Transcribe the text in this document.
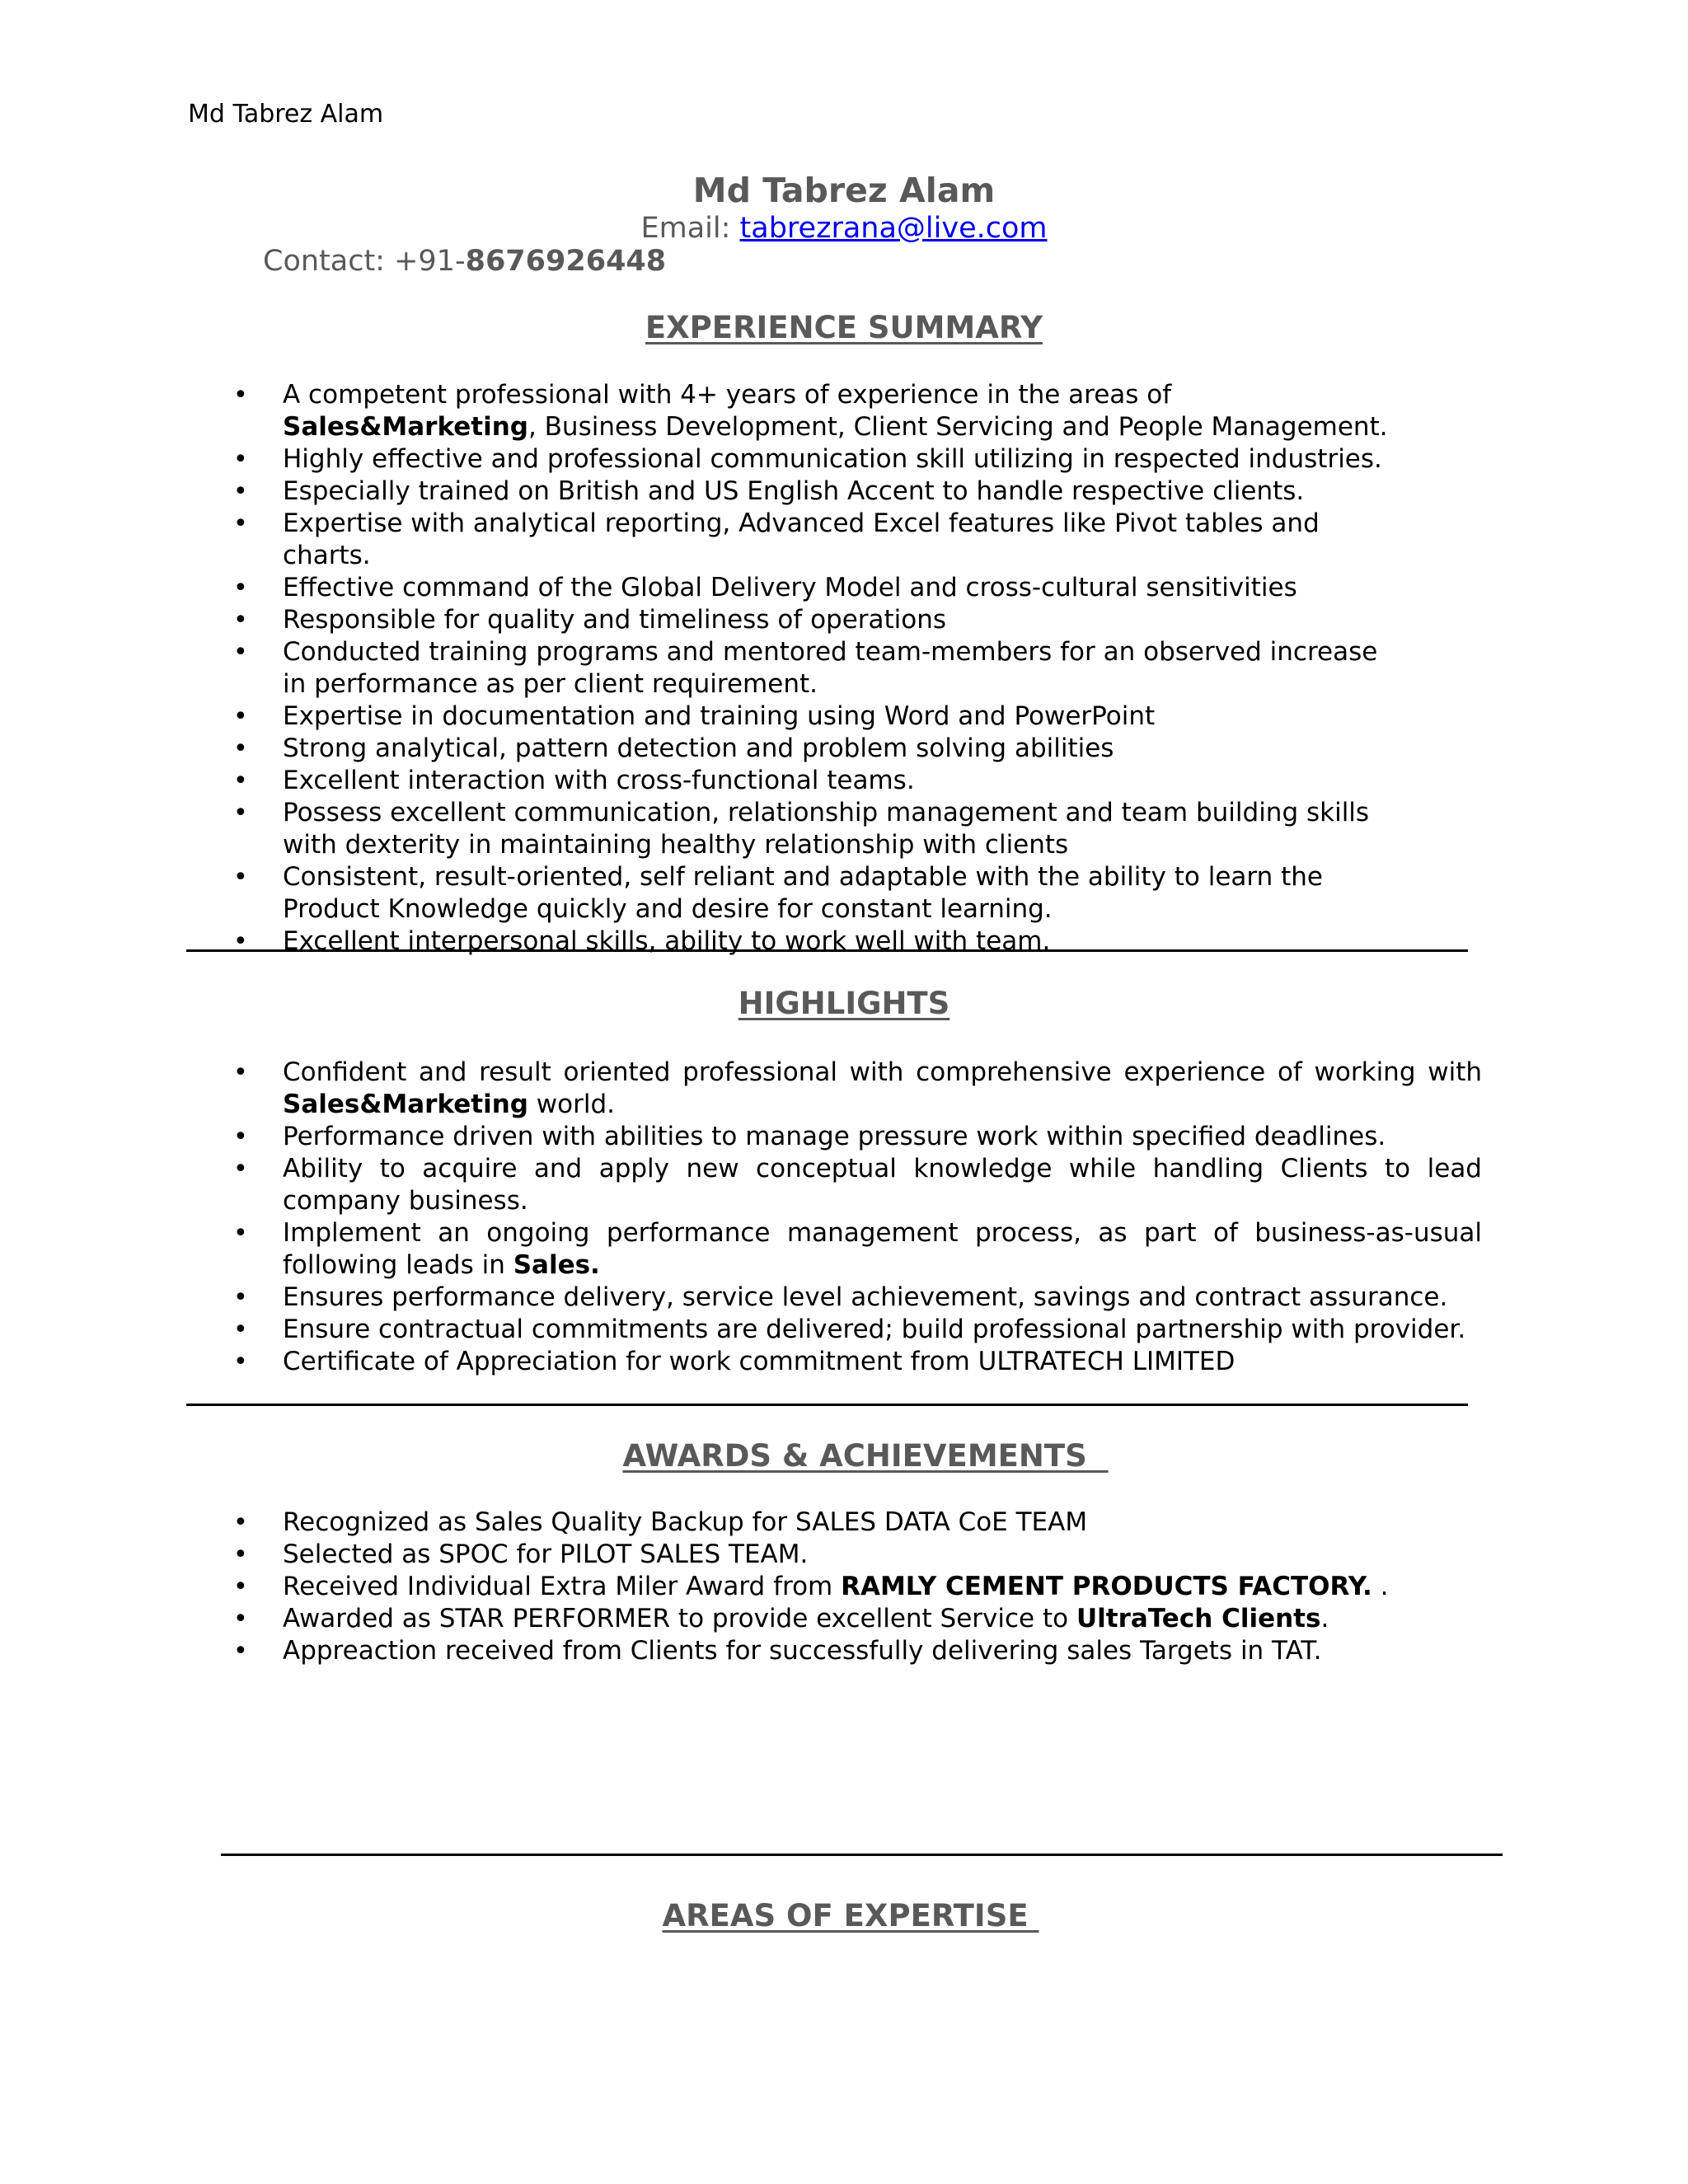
Md Tabrez Alam
Md Tabrez Alam
Email: tabrezrana@live.com
Contact: +91-8676926448
EXPERIENCE SUMMARY
• A competent professional with 4+ years of experience in the areas of Sales&Marketing, Business Development, Client Servicing and People Management.
• Highly effective and professional communication skill utilizing in respected industries.
• Especially trained on British and US English Accent to handle respective clients.
• Expertise with analytical reporting, Advanced Excel features like Pivot tables and charts.
• Effective command of the Global Delivery Model and cross-cultural sensitivities
• Responsible for quality and timeliness of operations
• Conducted training programs and mentored team-members for an observed increase in performance as per client requirement.
• Expertise in documentation and training using Word and PowerPoint
• Strong analytical, pattern detection and problem solving abilities
• Excellent interaction with cross-functional teams.
• Possess excellent communication, relationship management and team building skills with dexterity in maintaining healthy relationship with clients
• Consistent, result-oriented, self reliant and adaptable with the ability to learn the Product Knowledge quickly and desire for constant learning.
• Excellent interpersonal skills, ability to work well with team.
HIGHLIGHTS
• Confident and result oriented professional with comprehensive experience of working with Sales&Marketing world.
• Performance driven with abilities to manage pressure work within specified deadlines.
• Ability to acquire and apply new conceptual knowledge while handling Clients to lead company business.
• Implement an ongoing performance management process, as part of business-as-usual following leads in Sales.
• Ensures performance delivery, service level achievement, savings and contract assurance.
• Ensure contractual commitments are delivered; build professional partnership with provider.
• Certificate of Appreciation for work commitment from ULTRATECH LIMITED
AWARDS & ACHIEVEMENTS
• Recognized as Sales Quality Backup for SALES DATA CoE TEAM
• Selected as SPOC for PILOT SALES TEAM.
• Received Individual Extra Miler Award from RAMLY CEMENT PRODUCTS FACTORY. .
• Awarded as STAR PERFORMER to provide excellent Service to UltraTech Clients.
• Appreaction received from Clients for successfully delivering sales Targets in TAT.
AREAS OF EXPERTISE
